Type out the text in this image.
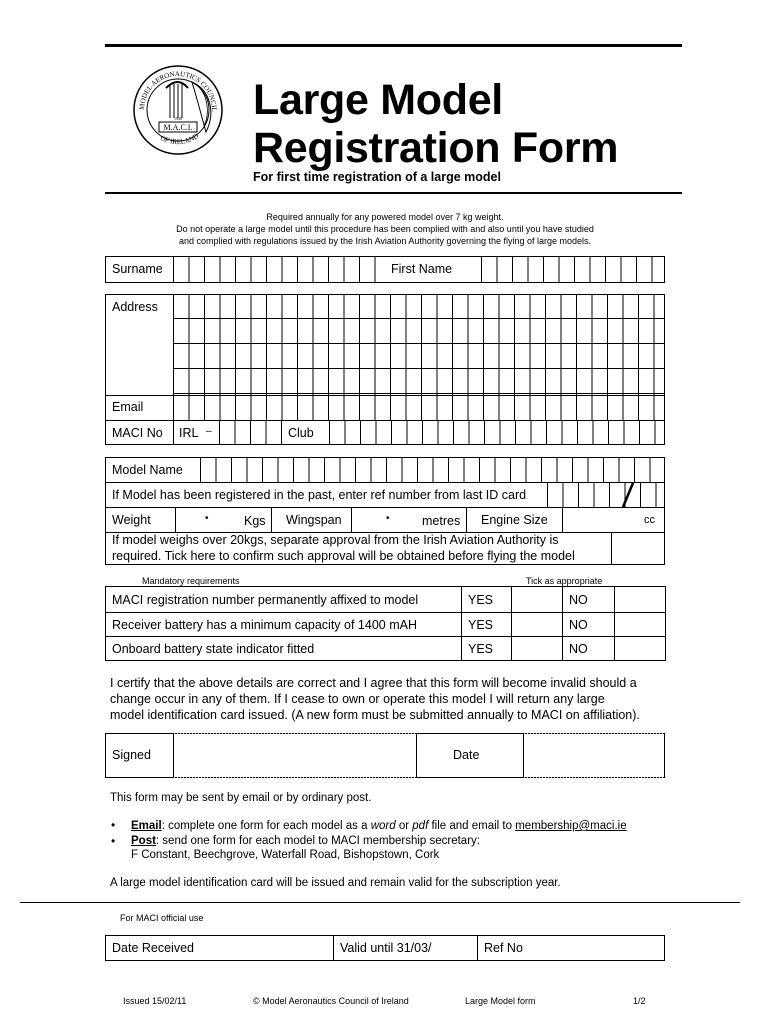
M.A.C.I.
1948
MODEL AERONAUTICS COUNCIL
OF IRELAND
Large Model
Registration Form
For first time registration of a large model
Required annually for any powered model over 7 kg weight.
Do not operate a large model until this procedure has been complied with and also until you have studied
and complied with regulations issued by the Irish Aviation Authority governing the flying of large models.
Surname	First Name
Address
Email
MACI No IRL –	Club
Model Name
If Model has been registered in the past, enter ref number from last ID card
Weight	•	Kgs Wingspan	•	metres Engine Size	cc
If model weighs over 20kgs, separate approval from the Irish Aviation Authority is
required. Tick here to confirm such approval will be obtained before flying the model
Mandatory requirements	Tick as appropriate
MACI registration number permanently affixed to model	YES		NO	
Receiver battery has a minimum capacity of 1400 mAH	YES		NO	
Onboard battery state indicator fitted	YES		NO	
I certify that the above details are correct and I agree that this form will become invalid should a
change occur in any of them. If I cease to own or operate this model I will return any large
model identification card issued. (A new form must be submitted annually to MACI on affiliation).
Signed	Date
This form may be sent by email or by ordinary post.
• Email: complete one form for each model as a word or pdf file and email to membership@maci.ie
• Post: send one form for each model to MACI membership secretary:
F Constant, Beechgrove, Waterfall Road, Bishopstown, Cork
A large model identification card will be issued and remain valid for the subscription year.
For MACI official use
Date Received	Valid until 31/03/	Ref No
Issued 15/02/11	© Model Aeronautics Council of Ireland	Large Model form	1/2
